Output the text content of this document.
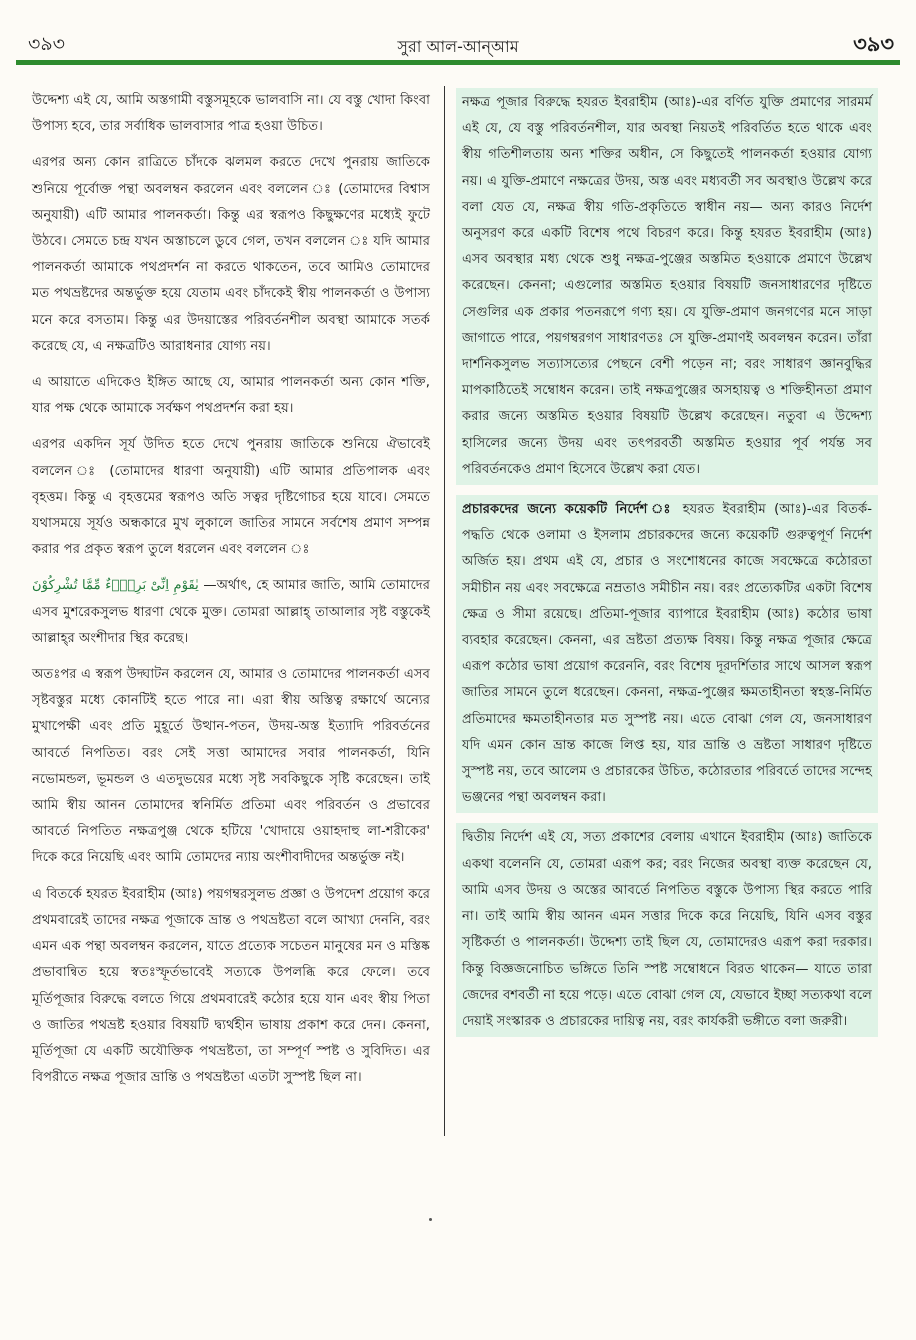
৩৯৩	সুরা আল-আন্‌আম	৩৯৩

উদ্দেশ্য এই যে, আমি অস্তগামী বস্তুসমূহকে ভালবাসি না। যে বস্তু খোদা কিংবা উপাস্য হবে, তার সর্বাধিক ভালবাসার পাত্র হওয়া উচিত।

এরপর অন্য কোন রাত্রিতে চাঁদকে ঝলমল করতে দেখে পুনরায় জাতিকে শুনিয়ে পূর্বোক্ত পন্থা অবলম্বন করলেন এবং বললেন ঃ (তোমাদের বিশ্বাস অনুযায়ী) এটি আমার পালনকর্তা। কিন্তু এর স্বরূপও কিছুক্ষণের মধ্যেই ফুটে উঠবে। সেমতে চন্দ্র যখন অস্তাচলে ডুবে গেল, তখন বললেন ঃ যদি আমার পালনকর্তা আমাকে পথপ্রদর্শন না করতে থাকতেন, তবে আমিও তোমাদের মত পথভ্রষ্টদের অন্তর্ভুক্ত হয়ে যেতাম এবং চাঁদকেই স্বীয় পালনকর্তা ও উপাস্য মনে করে বসতাম। কিন্তু এর উদয়াস্তের পরিবর্তনশীল অবস্থা আমাকে সতর্ক করেছে যে, এ নক্ষত্রটিও আরাধনার যোগ্য নয়।

এ আয়াতে এদিকেও ইঙ্গিত আছে যে, আমার পালনকর্তা অন্য কোন শক্তি, যার পক্ষ থেকে আমাকে সর্বক্ষণ পথপ্রদর্শন করা হয়।

এরপর একদিন সূর্য উদিত হতে দেখে পুনরায় জাতিকে শুনিয়ে ঐভাবেই বললেন ঃ (তোমাদের ধারণা অনুযায়ী) এটি আমার প্রতিপালক এবং বৃহত্তম। কিন্তু এ বৃহত্তমের স্বরূপও অতি সত্বর দৃষ্টিগোচর হয়ে যাবে। সেমতে যথাসময়ে সূর্যও অন্ধকারে মুখ লুকালে জাতির সামনে সর্বশেষ প্রমাণ সম্পন্ন করার পর প্রকৃত স্বরূপ তুলে ধরলেন এবং বললেন ঃ

يٰقَوْمِ اِنِّىْ بَرِىْۤءٌ مِّمَّا تُشْرِكُوْنَ —অর্থাৎ, হে আমার জাতি, আমি তোমাদের এসব মুশরেকসুলভ ধারণা থেকে মুক্ত। তোমরা আল্লাহ্ তাআলার সৃষ্ট বস্তুকেই আল্লাহ্‌র অংশীদার স্থির করেছ।

অতঃপর এ স্বরূপ উদ্ঘাটন করলেন যে, আমার ও তোমাদের পালনকর্তা এসব সৃষ্টবস্তুর মধ্যে কোনটিই হতে পারে না। এরা স্বীয় অস্তিত্ব রক্ষার্থে অন্যের মুখাপেক্ষী এবং প্রতি মুহূর্তে উত্থান-পতন, উদয়-অস্ত ইত্যাদি পরিবর্তনের আবর্তে নিপতিত। বরং সেই সত্তা আমাদের সবার পালনকর্তা, যিনি নভোমন্ডল, ভূমন্ডল ও এতদুভয়ের মধ্যে সৃষ্ট সবকিছুকে সৃষ্টি করেছেন। তাই আমি স্বীয় আনন তোমাদের স্বনির্মিত প্রতিমা এবং পরিবর্তন ও প্রভাবের আবর্তে নিপতিত নক্ষত্রপুঞ্জ থেকে হটিয়ে 'খোদায়ে ওয়াহদাহু লা-শরীকের' দিকে করে নিয়েছি এবং আমি তোমদের ন্যায় অংশীবাদীদের অন্তর্ভুক্ত নই।

এ বিতর্কে হযরত ইবরাহীম (আঃ) পয়গম্বরসুলভ প্রজ্ঞা ও উপদেশ প্রয়োগ করে প্রথমবারেই তাদের নক্ষত্র পূজাকে ভ্রান্ত ও পথভ্রষ্টতা বলে আখ্যা দেননি, বরং এমন এক পন্থা অবলম্বন করলেন, যাতে প্রত্যেক সচেতন মানুষের মন ও মস্তিষ্ক প্রভাবান্বিত হয়ে স্বতঃস্ফূর্তভাবেই সত্যকে উপলব্ধি করে ফেলে। তবে মূর্তিপূজার বিরুদ্ধে বলতে গিয়ে প্রথমবারেই কঠোর হয়ে যান এবং স্বীয় পিতা ও জাতির পথভ্রষ্ট হওয়ার বিষয়টি দ্ব্যর্থহীন ভাষায় প্রকাশ করে দেন। কেননা, মূর্তিপূজা যে একটি অযৌক্তিক পথভ্রষ্টতা, তা সম্পূর্ণ স্পষ্ট ও সুবিদিত। এর বিপরীতে নক্ষত্র পূজার ভ্রান্তি ও পথভ্রষ্টতা এতটা সুস্পষ্ট ছিল না।

নক্ষত্র পূজার বিরুদ্ধে হযরত ইবরাহীম (আঃ)-এর বর্ণিত যুক্তি প্রমাণের সারমর্ম এই যে, যে বস্তু পরিবর্তনশীল, যার অবস্থা নিয়তই পরিবর্তিত হতে থাকে এবং স্বীয় গতিশীলতায় অন্য শক্তির অধীন, সে কিছুতেই পালনকর্তা হওয়ার যোগ্য নয়। এ যুক্তি-প্রমাণে নক্ষত্রের উদয়, অস্ত এবং মধ্যবর্তী সব অবস্থাও উল্লেখ করে বলা যেত যে, নক্ষত্র স্বীয় গতি-প্রকৃতিতে স্বাধীন নয়— অন্য কারও নির্দেশ অনুসরণ করে একটি বিশেষ পথে বিচরণ করে। কিন্তু হযরত ইবরাহীম (আঃ) এসব অবস্থার মধ্য থেকে শুধু নক্ষত্র-পুঞ্জের অস্তমিত হওয়াকে প্রমাণে উল্লেখ করেছেন। কেননা; এগুলোর অস্তমিত হওয়ার বিষয়টি জনসাধারণের দৃষ্টিতে সেগুলির এক প্রকার পতনরূপে গণ্য হয়। যে যুক্তি-প্রমাণ জনগণের মনে সাড়া জাগাতে পারে, পয়গম্বরগণ সাধারণতঃ সে যুক্তি-প্রমাণই অবলম্বন করেন। তাঁরা দার্শনিকসুলভ সত্যাসত্যের পেছনে বেশী পড়েন না; বরং সাধারণ জ্ঞানবুদ্ধির মাপকাঠিতেই সম্বোধন করেন। তাই নক্ষত্রপুঞ্জের অসহায়ত্ব ও শক্তিহীনতা প্রমাণ করার জন্যে অস্তমিত হওয়ার বিষয়টি উল্লেখ করেছেন। নতুবা এ উদ্দেশ্য হাসিলের জন্যে উদয় এবং তৎপরবর্তী অস্তমিত হওয়ার পূর্ব পর্যন্ত সব পরিবর্তনকেও প্রমাণ হিসেবে উল্লেখ করা যেত।

প্রচারকদের জন্যে কয়েকটি নির্দেশ ঃ হযরত ইবরাহীম (আঃ)-এর বিতর্ক-পদ্ধতি থেকে ওলামা ও ইসলাম প্রচারকদের জন্যে কয়েকটি গুরুত্বপূর্ণ নির্দেশ অর্জিত হয়। প্রথম এই যে, প্রচার ও সংশোধনের কাজে সবক্ষেত্রে কঠোরতা সমীচীন নয় এবং সবক্ষেত্রে নম্রতাও সমীচীন নয়। বরং প্রত্যেকটির একটা বিশেষ ক্ষেত্র ও সীমা রয়েছে। প্রতিমা-পূজার ব্যাপারে ইবরাহীম (আঃ) কঠোর ভাষা ব্যবহার করেছেন। কেননা, এর ভ্রষ্টতা প্রত্যক্ষ বিষয়। কিন্তু নক্ষত্র পূজার ক্ষেত্রে এরূপ কঠোর ভাষা প্রয়োগ করেননি, বরং বিশেষ দূরদর্শিতার সাথে আসল স্বরূপ জাতির সামনে তুলে ধরেছেন। কেননা, নক্ষত্র-পুঞ্জের ক্ষমতাহীনতা স্বহস্ত-নির্মিত প্রতিমাদের ক্ষমতাহীনতার মত সুস্পষ্ট নয়। এতে বোঝা গেল যে, জনসাধারণ যদি এমন কোন ভ্রান্ত কাজে লিপ্ত হয়, যার ভ্রান্তি ও ভ্রষ্টতা সাধারণ দৃষ্টিতে সুস্পষ্ট নয়, তবে আলেম ও প্রচারকের উচিত, কঠোরতার পরিবর্তে তাদের সন্দেহ ভঞ্জনের পন্থা অবলম্বন করা।

দ্বিতীয় নির্দেশ এই যে, সত্য প্রকাশের বেলায় এখানে ইবরাহীম (আঃ) জাতিকে একথা বলেননি যে, তোমরা এরূপ কর; বরং নিজের অবস্থা ব্যক্ত করেছেন যে, আমি এসব উদয় ও অস্তের আবর্তে নিপতিত বস্তুকে উপাস্য স্থির করতে পারি না। তাই আমি স্বীয় আনন এমন সত্তার দিকে করে নিয়েছি, যিনি এসব বস্তুর সৃষ্টিকর্তা ও পালনকর্তা। উদ্দেশ্য তাই ছিল যে, তোমাদেরও এরূপ করা দরকার। কিন্তু বিজ্ঞজনোচিত ভঙ্গিতে তিনি স্পষ্ট সম্বোধনে বিরত থাকেন— যাতে তারা জেদের বশবর্তী না হয়ে পড়ে। এতে বোঝা গেল যে, যেভাবে ইচ্ছা সত্যকথা বলে দেয়াই সংস্কারক ও প্রচারকের দায়িত্ব নয়, বরং কার্যকরী ভঙ্গীতে বলা জরুরী।
